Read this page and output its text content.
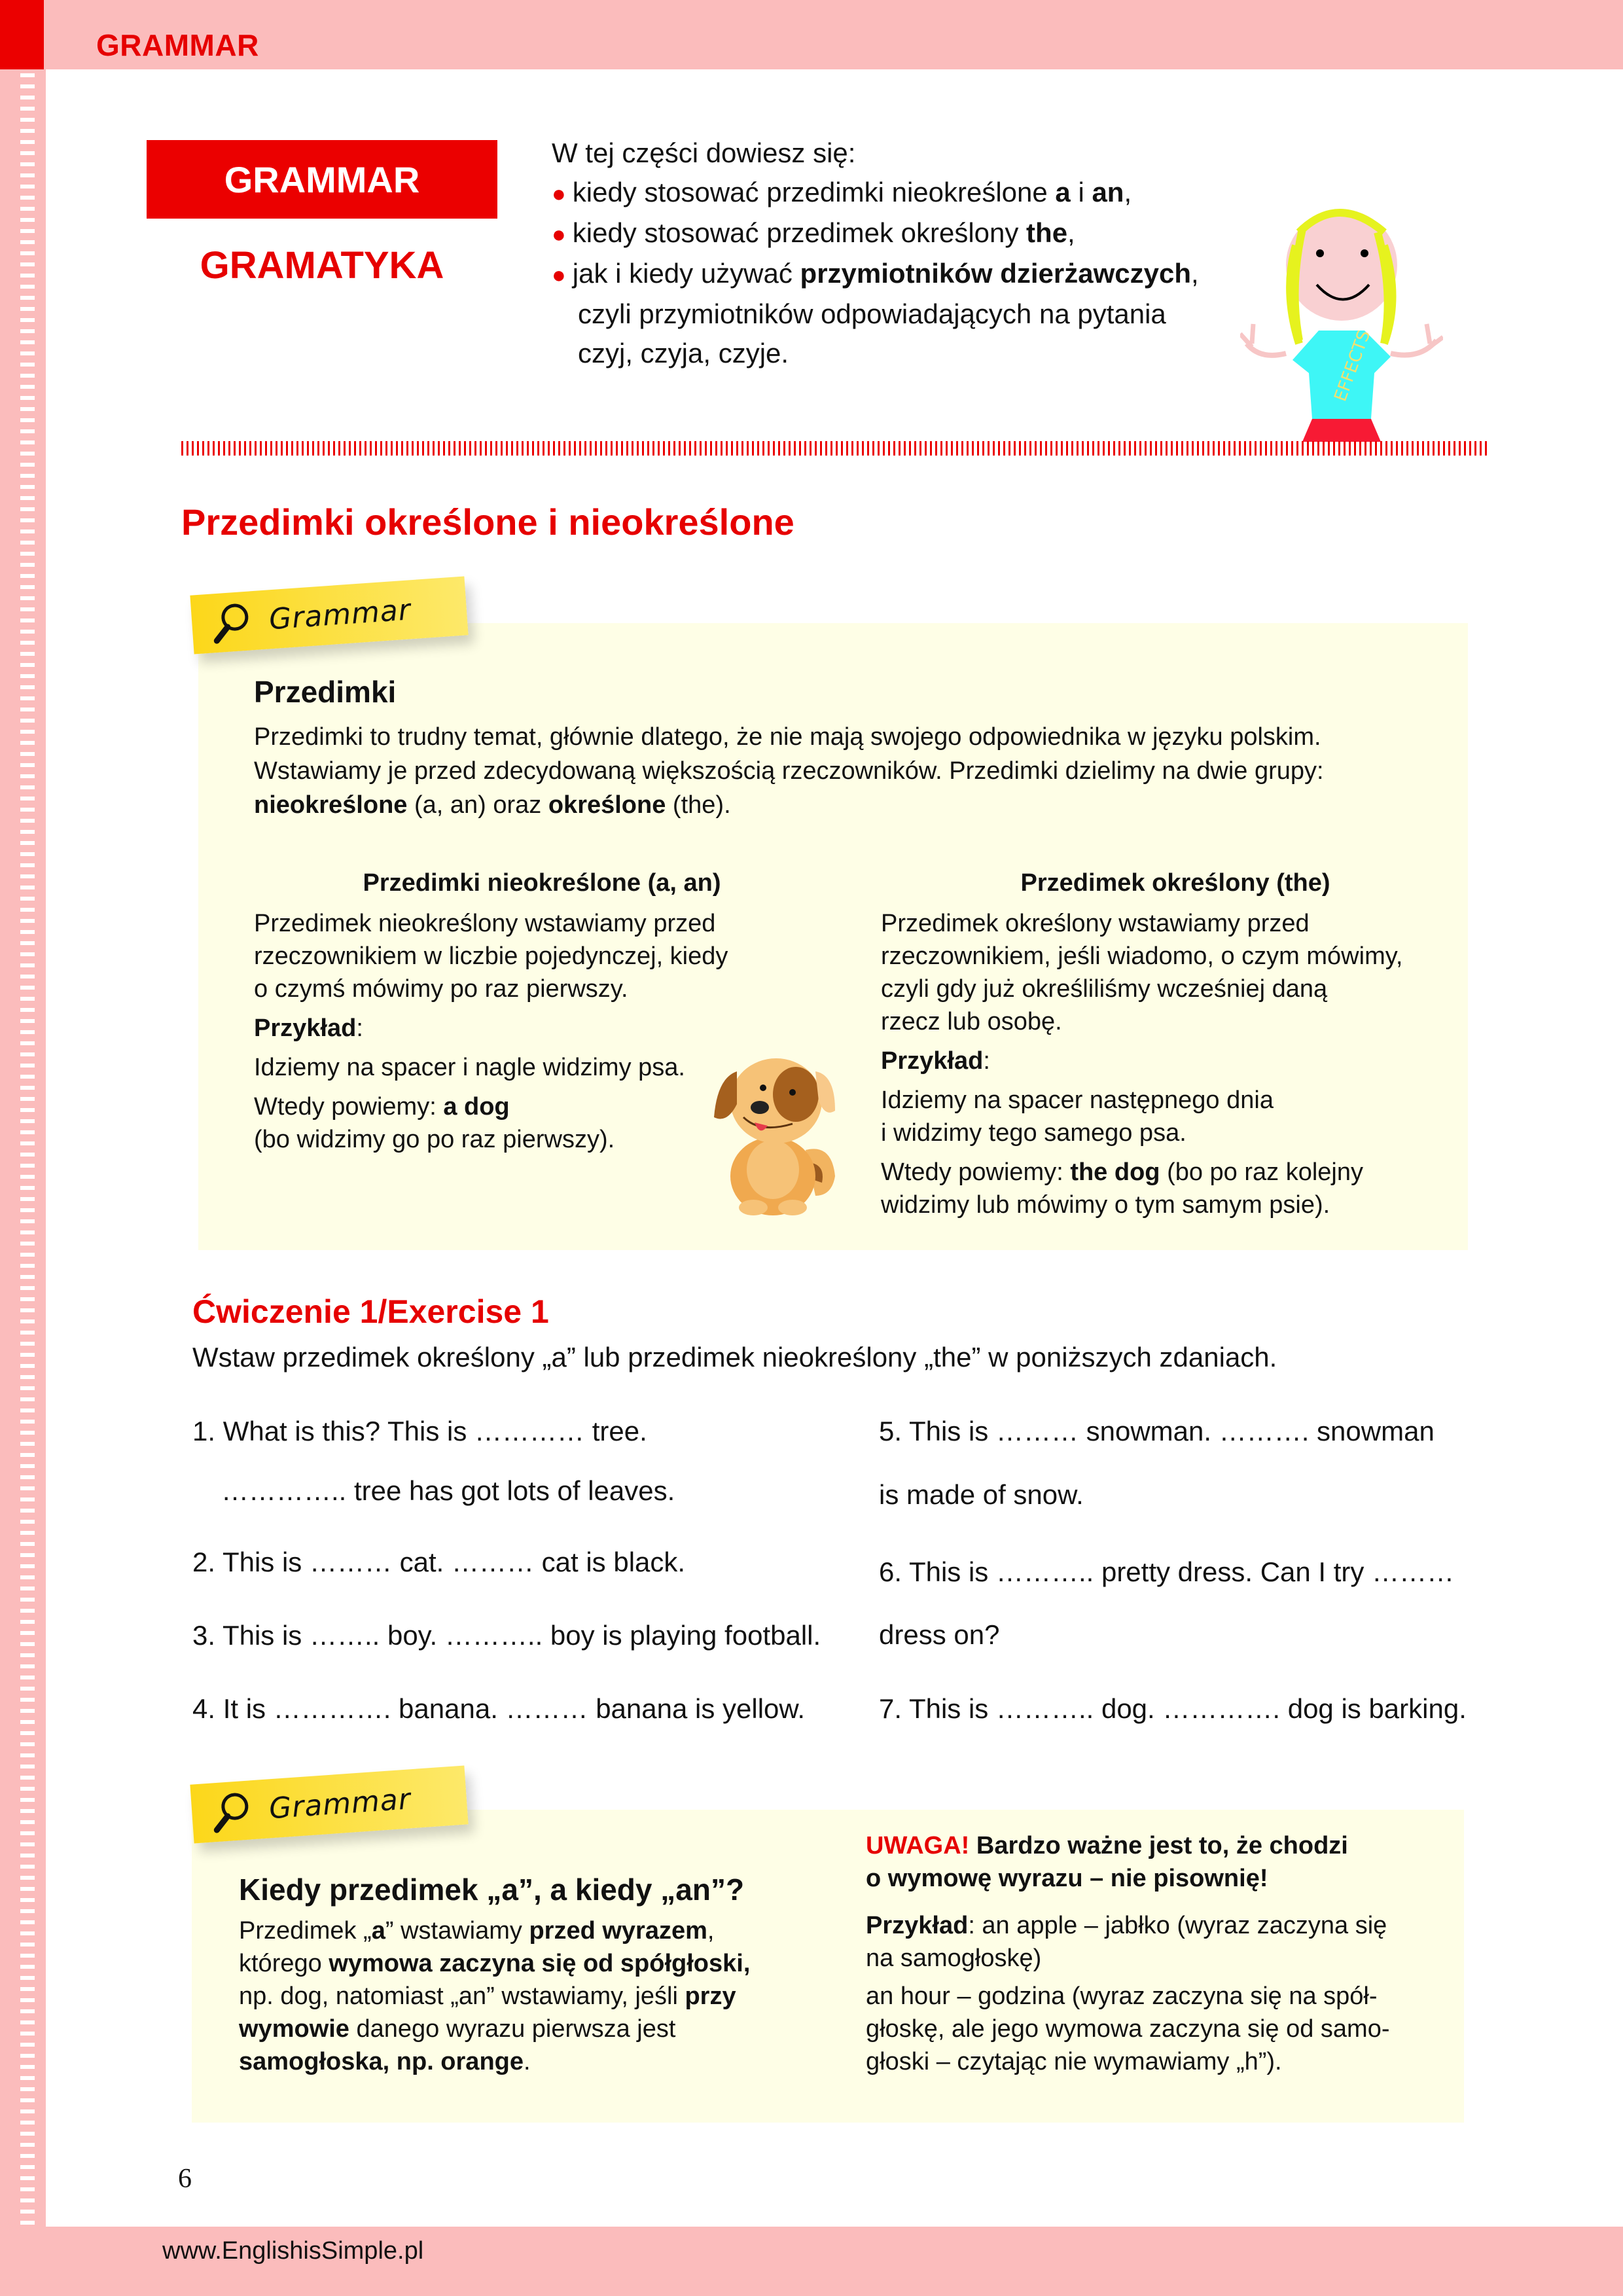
GRAMMAR
GRAMMAR
GRAMATYKA
W tej części dowiesz się:
● kiedy stosować przedimki nieokreślone a i an,
● kiedy stosować przedimek określony the,
● jak i kiedy używać przymiotników dzierżawczych,
czyli przymiotników odpowiadających na pytania
czyj, czyja, czyje.	EFFECTS
Przedimki określone i nieokreślone
Przedimki
Przedimki to trudny temat, głównie dlatego, że nie mają swojego odpowiednika w języku polskim.
Wstawiamy je przed zdecydowaną większością rzeczowników. Przedimki dzielimy na dwie grupy:
nieokreślone (a, an) oraz określone (the).
Przedimki nieokreślone (a, an)
Przedimek nieokreślony wstawiamy przed
rzeczownikiem w liczbie pojedynczej, kiedy
o czymś mówimy po raz pierwszy.
Przykład:
Idziemy na spacer i nagle widzimy psa.
Wtedy powiemy: a dog
(bo widzimy go po raz pierwszy).
Przedimek określony (the)
Przedimek określony wstawiamy przed
rzeczownikiem, jeśli wiadomo, o czym mówimy,
czyli gdy już określiliśmy wcześniej daną
rzecz lub osobę.
Przykład:
Idziemy na spacer następnego dnia
i widzimy tego samego psa.
Wtedy powiemy: the dog (bo po raz kolejny
widzimy lub mówimy o tym samym psie).
Grammar
Ćwiczenie 1/Exercise 1
Wstaw przedimek określony „a” lub przedimek nieokreślony „the” w poniższych zdaniach.
1. What is this? This is ………… tree.
………….. tree has got lots of leaves.
2. This is ……… cat. ……… cat is black.
3. This is …….. boy. ……….. boy is playing football.
4. It is …………. banana. ……… banana is yellow.
5. This is ……… snowman. ………. snowman
is made of snow.
6. This is ……….. pretty dress. Can I try ………
dress on?
7. This is ……….. dog. …………. dog is barking.
Kiedy przedimek „a”, a kiedy „an”?
Przedimek „a” wstawiamy przed wyrazem,
którego wymowa zaczyna się od spółgłoski,
np. dog, natomiast „an” wstawiamy, jeśli przy
wymowie danego wyrazu pierwsza jest
samogłoska, np. orange.
UWAGA! Bardzo ważne jest to, że chodzi
o wymowę wyrazu – nie pisownię!
Przykład: an apple – jabłko (wyraz zaczyna się
na samogłoskę)
an hour – godzina (wyraz zaczyna się na spół-
głoskę, ale jego wymowa zaczyna się od samo-
głoski – czytając nie wymawiamy „h”).
Grammar
6
www.EnglishisSimple.pl
